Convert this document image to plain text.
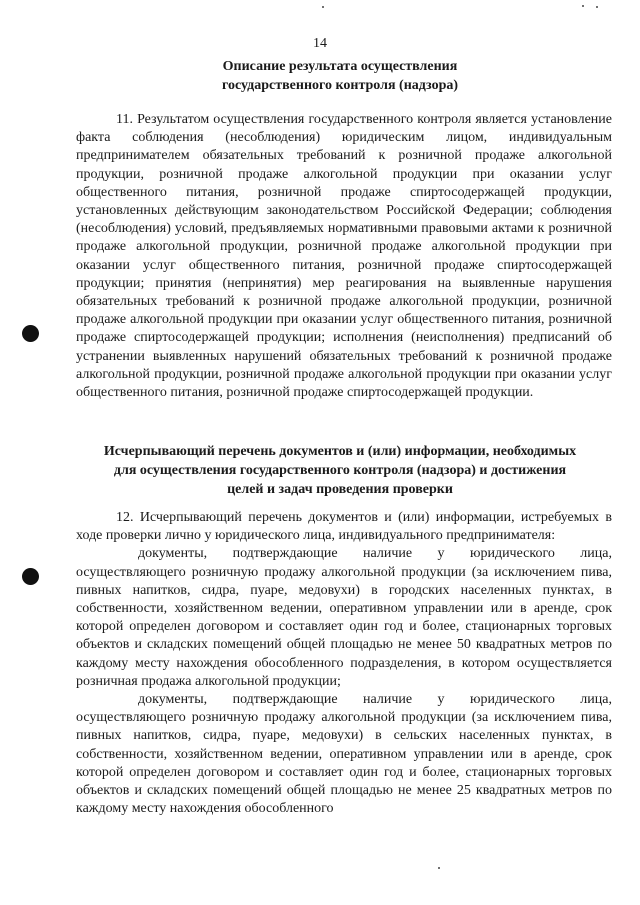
14
Описание результата осуществления
государственного контроля (надзора)

11. Результатом осуществления государственного контроля является установление факта соблюдения (несоблюдения) юридическим лицом, индивидуальным предпринимателем обязательных требований к розничной продаже алкогольной продукции, розничной продаже алкогольной продукции при оказании услуг общественного питания, розничной продаже спиртосодержащей продукции, установленных действующим законодательством Российской Федерации; соблюдения (несоблюдения) условий, предъявляемых нормативными правовыми актами к розничной продаже алкогольной продукции, розничной продаже алкогольной продукции при оказании услуг общественного питания, розничной продаже спиртосодержащей продукции; принятия (непринятия) мер реагирования на выявленные нарушения обязательных требований к розничной продаже алкогольной продукции, розничной продаже алкогольной продукции при оказании услуг общественного питания, розничной продаже спиртосодержащей продукции; исполнения (неисполнения) предписаний об устранении выявленных нарушений обязательных требований к розничной продаже алкогольной продукции, розничной продаже алкогольной продукции при оказании услуг общественного питания, розничной продаже спиртосодержащей продукции.

Исчерпывающий перечень документов и (или) информации, необходимых
для осуществления государственного контроля (надзора) и достижения
целей и задач проведения проверки

12. Исчерпывающий перечень документов и (или) информации, истребуемых в ходе проверки лично у юридического лица, индивидуального предпринимателя:

документы, подтверждающие наличие у юридического лица, осуществляющего розничную продажу алкогольной продукции (за исключением пива, пивных напитков, сидра, пуаре, медовухи) в городских населенных пунктах, в собственности, хозяйственном ведении, оперативном управлении или в аренде, срок которой определен договором и составляет один год и более, стационарных торговых объектов и складских помещений общей площадью не менее 50 квадратных метров по каждому месту нахождения обособленного подразделения, в котором осуществляется розничная продажа алкогольной продукции;

документы, подтверждающие наличие у юридического лица, осуществляющего розничную продажу алкогольной продукции (за исключением пива, пивных напитков, сидра, пуаре, медовухи) в сельских населенных пунктах, в собственности, хозяйственном ведении, оперативном управлении или в аренде, срок которой определен договором и составляет один год и более, стационарных торговых объектов и складских помещений общей площадью не менее 25 квадратных метров по каждому месту нахождения обособленного
